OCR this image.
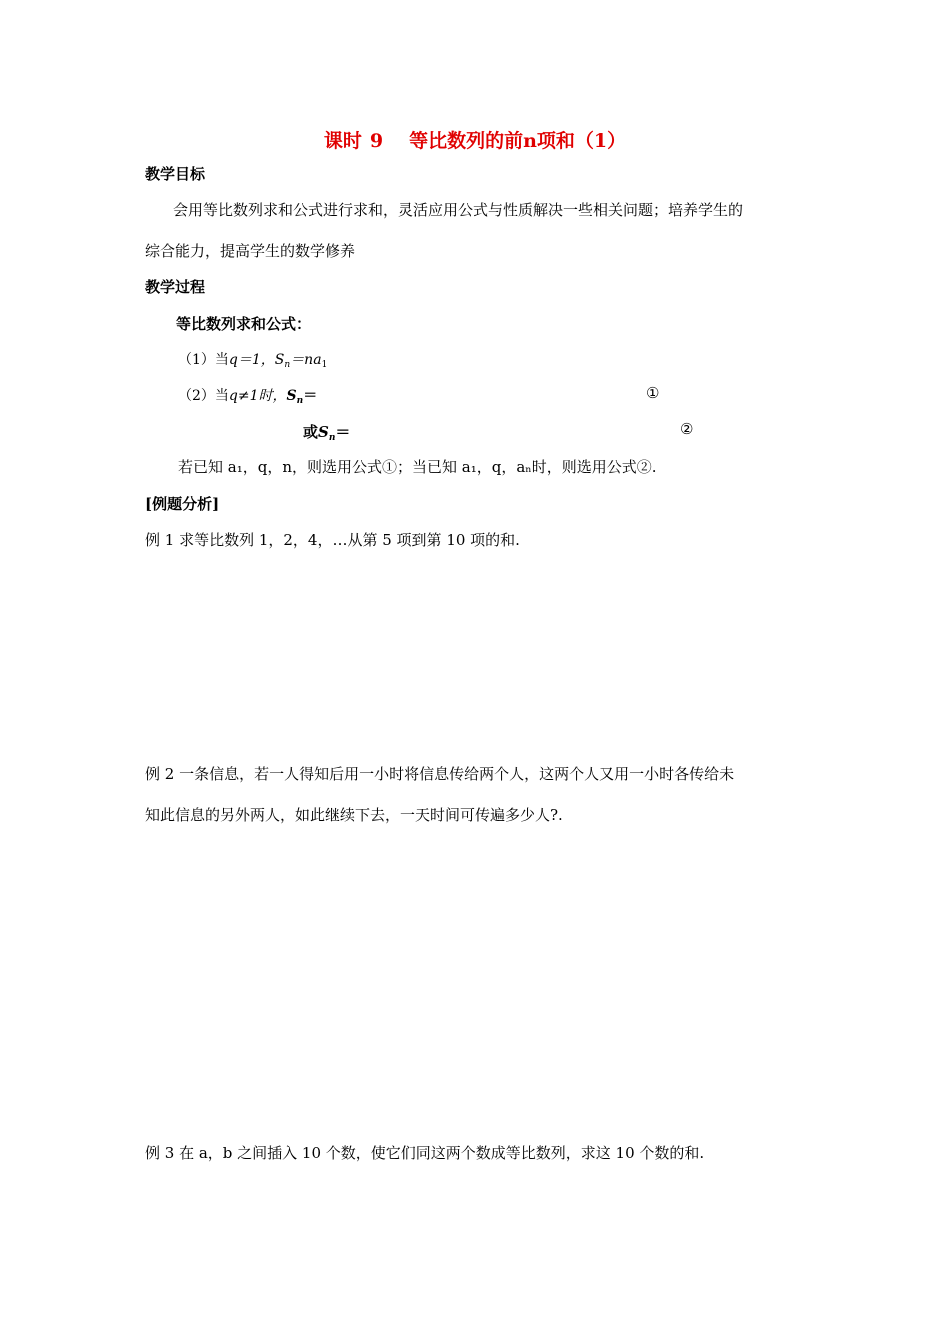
课时 9 等比数列的前n项和（1）
教学目标
会用等比数列求和公式进行求和，灵活应用公式与性质解决一些相关问题；培养学生的
综合能力，提高学生的数学修养
教学过程
等比数列求和公式：
（1）当q＝1，$S_n=na_1$
（2）当q≠1时，$S_n=$	①
或$S_n=$	②
若已知 a₁，q，n，则选用公式①；当已知 a₁，q，aₙ时，则选用公式②.
[例题分析]
例 1 求等比数列 1，2，4，…从第 5 项到第 10 项的和.
例 2 一条信息，若一人得知后用一小时将信息传给两个人，这两个人又用一小时各传给未
知此信息的另外两人，如此继续下去，一天时间可传遍多少人?.
例 3 在 a，b 之间插入 10 个数，使它们同这两个数成等比数列，求这 10 个数的和.
